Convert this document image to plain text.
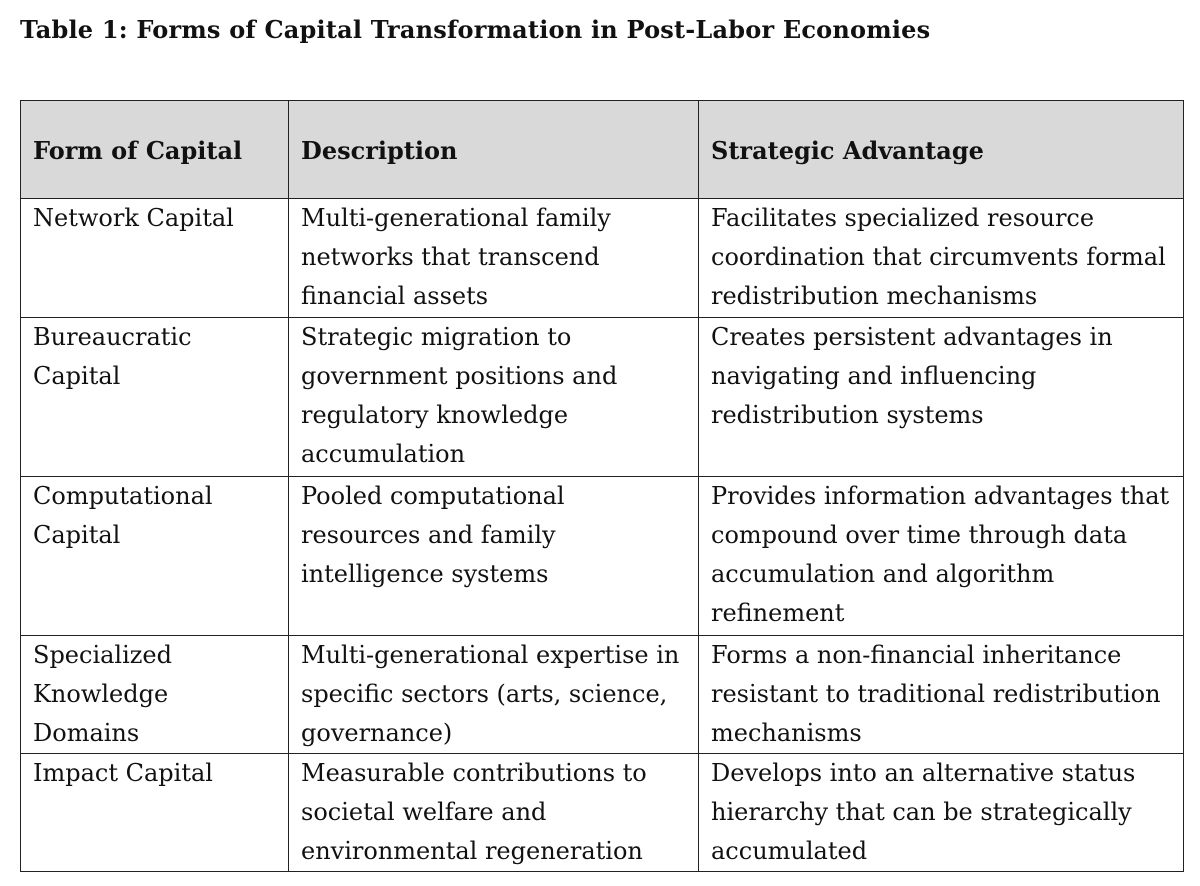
Table 1: Forms of Capital Transformation in Post-Labor Economies
Form of Capital	Description	Strategic Advantage
Network Capital	Multi-generational family networks that transcend financial assets	Facilitates specialized resource coordination that circumvents formal redistribution mechanisms
Bureaucratic Capital	Strategic migration to government positions and regulatory knowledge accumulation	Creates persistent advantages in navigating and influencing redistribution systems
Computational Capital	Pooled computational resources and family intelligence systems	Provides information advantages that compound over time through data accumulation and algorithm refinement
Specialized Knowledge Domains	Multi-generational expertise in specific sectors (arts, science, governance)	Forms a non-financial inheritance resistant to traditional redistribution mechanisms
Impact Capital	Measurable contributions to societal welfare and environmental regeneration	Develops into an alternative status hierarchy that can be strategically accumulated
